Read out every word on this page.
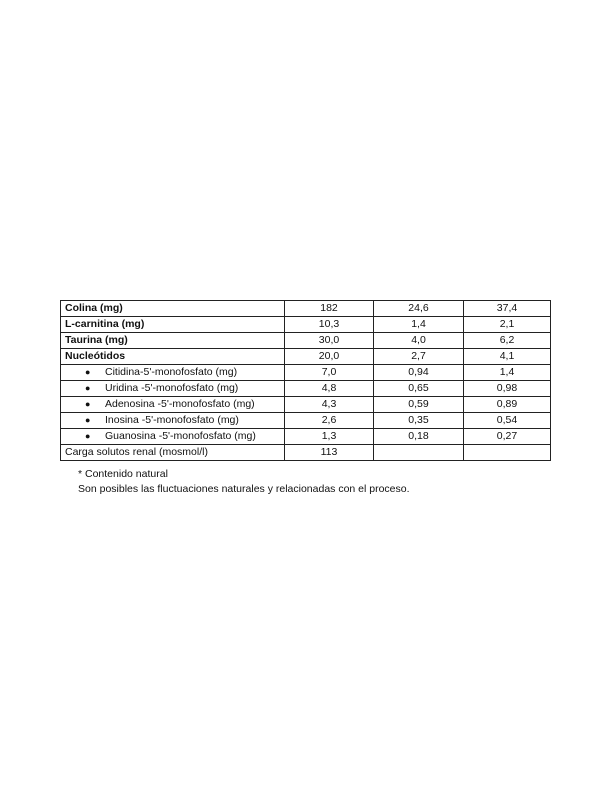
Colina (mg)	182	24,6	37,4
L-carnitina (mg)	10,3	1,4	2,1
Taurina (mg)	30,0	4,0	6,2
Nucleótidos	20,0	2,7	4,1
● Citidina-5'-monofosfato (mg)	7,0	0,94	1,4
● Uridina -5'-monofosfato (mg)	4,8	0,65	0,98
● Adenosina -5'-monofosfato (mg)	4,3	0,59	0,89
● Inosina -5'-monofosfato (mg)	2,6	0,35	0,54
● Guanosina -5'-monofosfato (mg)	1,3	0,18	0,27
Carga solutos renal (mosmol/l)	113		
* Contenido natural
Son posibles las fluctuaciones naturales y relacionadas con el proceso.
